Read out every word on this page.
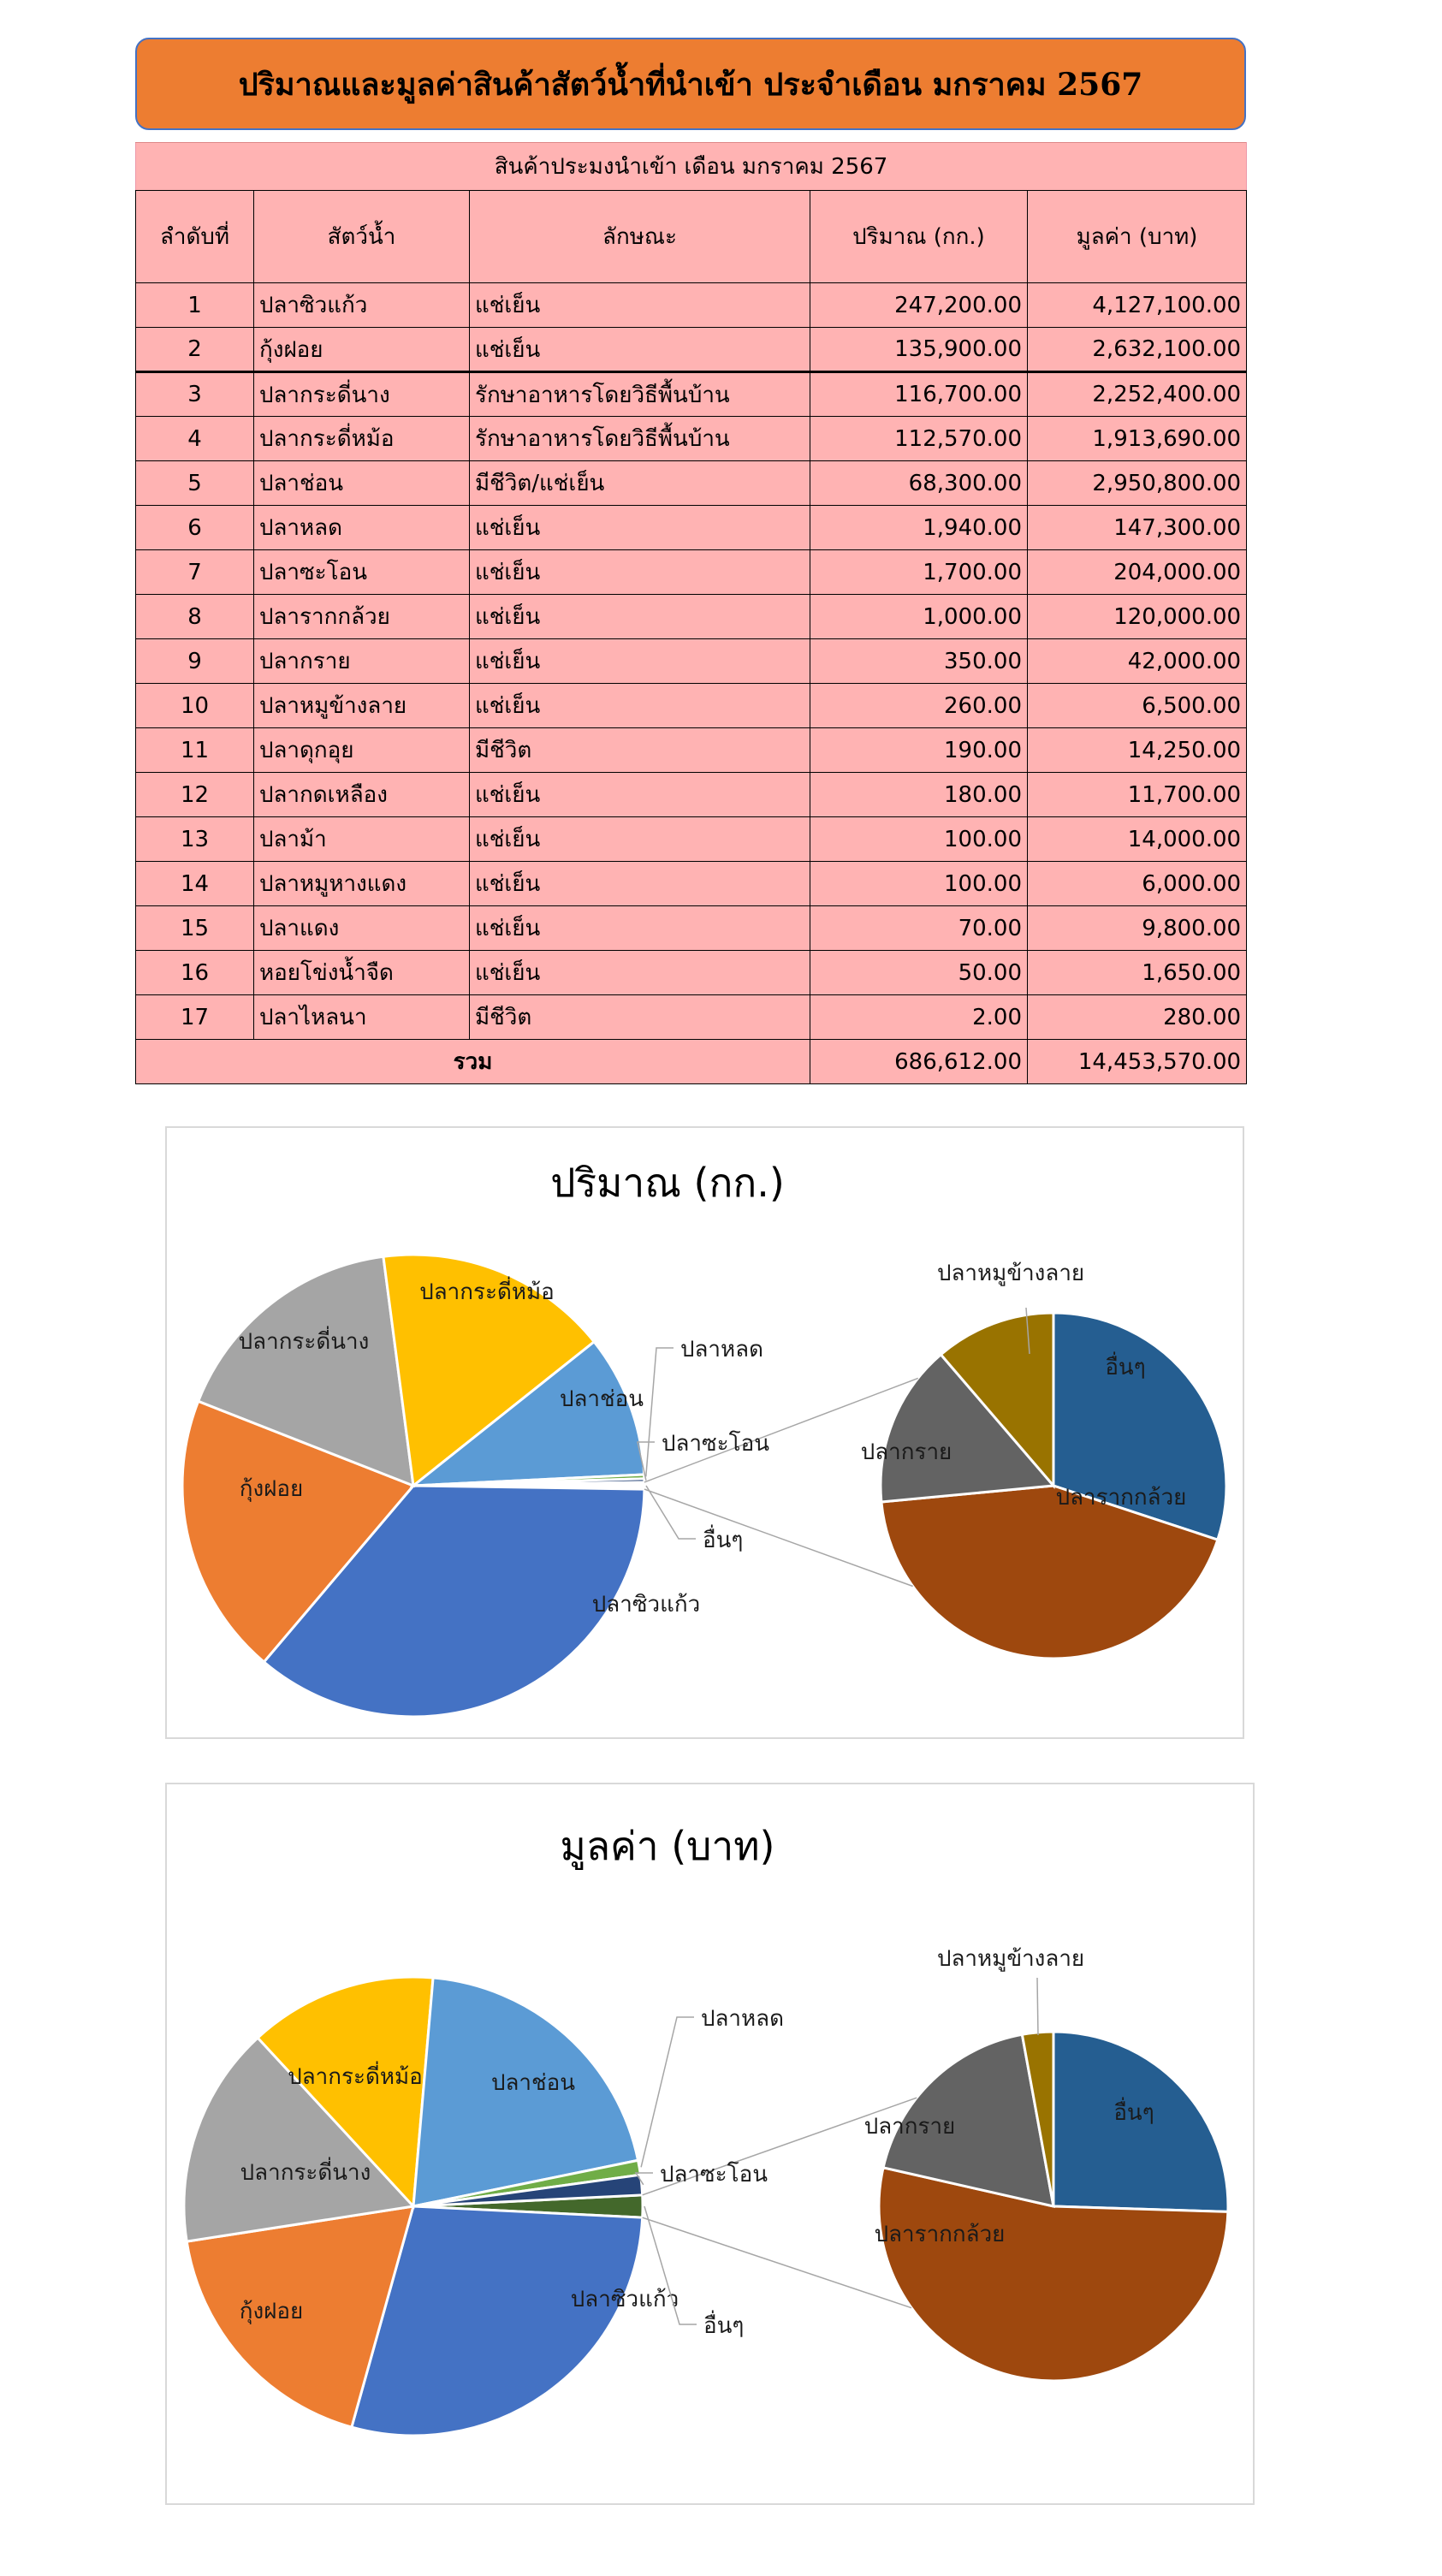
ปริมาณและมูลค่าสินค้าสัตว์น้ำที่นำเข้า ประจำเดือน มกราคม 2567
สินค้าประมงนำเข้า เดือน มกราคม 2567				
ลำดับที่	สัตว์น้ำ	ลักษณะ	ปริมาณ (กก.)	มูลค่า (บาท)
1	ปลาซิวแก้ว	แช่เย็น	247,200.00	4,127,100.00
2	กุ้งฝอย	แช่เย็น	135,900.00	2,632,100.00
3	ปลากระดี่นาง	รักษาอาหารโดยวิธีพื้นบ้าน	116,700.00	2,252,400.00
4	ปลากระดี่หม้อ	รักษาอาหารโดยวิธีพื้นบ้าน	112,570.00	1,913,690.00
5	ปลาช่อน	มีชีวิต/แช่เย็น	68,300.00	2,950,800.00
6	ปลาหลด	แช่เย็น	1,940.00	147,300.00
7	ปลาซะโอน	แช่เย็น	1,700.00	204,000.00
8	ปลารากกล้วย	แช่เย็น	1,000.00	120,000.00
9	ปลากราย	แช่เย็น	350.00	42,000.00
10	ปลาหมูข้างลาย	แช่เย็น	260.00	6,500.00
11	ปลาดุกอุย	มีชีวิต	190.00	14,250.00
12	ปลากดเหลือง	แช่เย็น	180.00	11,700.00
13	ปลาม้า	แช่เย็น	100.00	14,000.00
14	ปลาหมูหางแดง	แช่เย็น	100.00	6,000.00
15	ปลาแดง	แช่เย็น	70.00	9,800.00
16	หอยโข่งน้ำจืด	แช่เย็น	50.00	1,650.00
17	ปลาไหลนา	มีชีวิต	2.00	280.00
รวม			686,612.00	14,453,570.00
ปริมาณ (กก.)
ปลาซิวแก้ว
กุ้งฝอย
ปลากระดี่นาง
ปลากระดี่หม้อ
ปลาช่อน
ปลาหลด
ปลาซะโอน
อื่นๆ
อื่นๆ
ปลารากกล้วย
ปลากราย
ปลาหมูข้างลาย
มูลค่า (บาท)
ปลาซิวแก้ว
กุ้งฝอย
ปลากระดี่นาง
ปลากระดี่หม้อ	ปลาช่อน
ปลาหลด
ปลาซะโอน
อื่นๆ
อื่นๆ
ปลารากกล้วย
ปลากราย
ปลาหมูข้างลาย
